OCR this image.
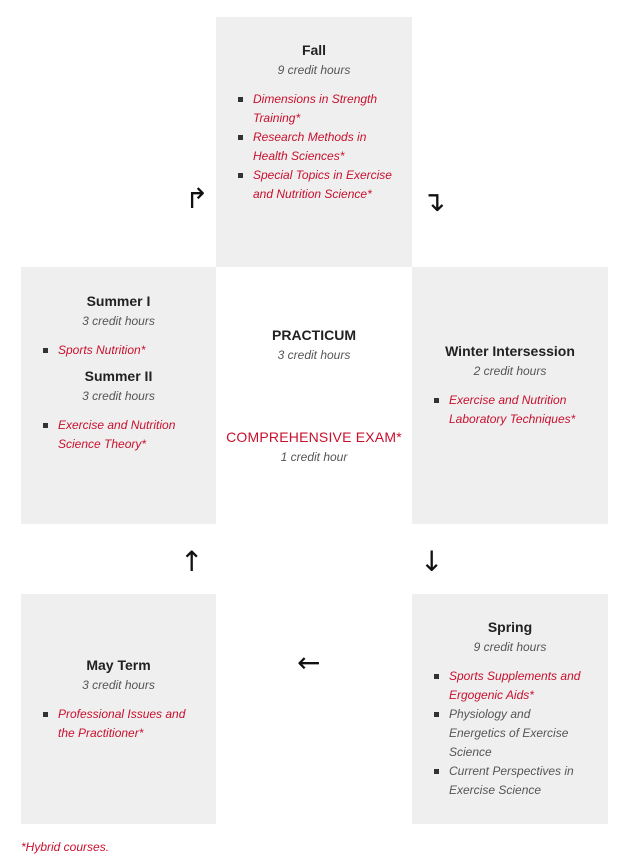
Fall
9 credit hours
Dimensions in Strength Training*
Research Methods in Health Sciences*
Special Topics in Exercise and Nutrition Science*
Summer I
3 credit hours
Sports Nutrition*
Summer II
3 credit hours
Exercise and Nutrition Science Theory*
PRACTICUM
3 credit hours
COMPREHENSIVE EXAM*
1 credit hour
Winter Intersession
2 credit hours
Exercise and Nutrition Laboratory Techniques*
May Term
3 credit hours
Professional Issues and the Practitioner*
Spring
9 credit hours
Sports Supplements and Ergogenic Aids*
Physiology and Energetics of Exercise Science
Current Perspectives in Exercise Science
↱	↴
↓
↑
←
*Hybrid courses.
